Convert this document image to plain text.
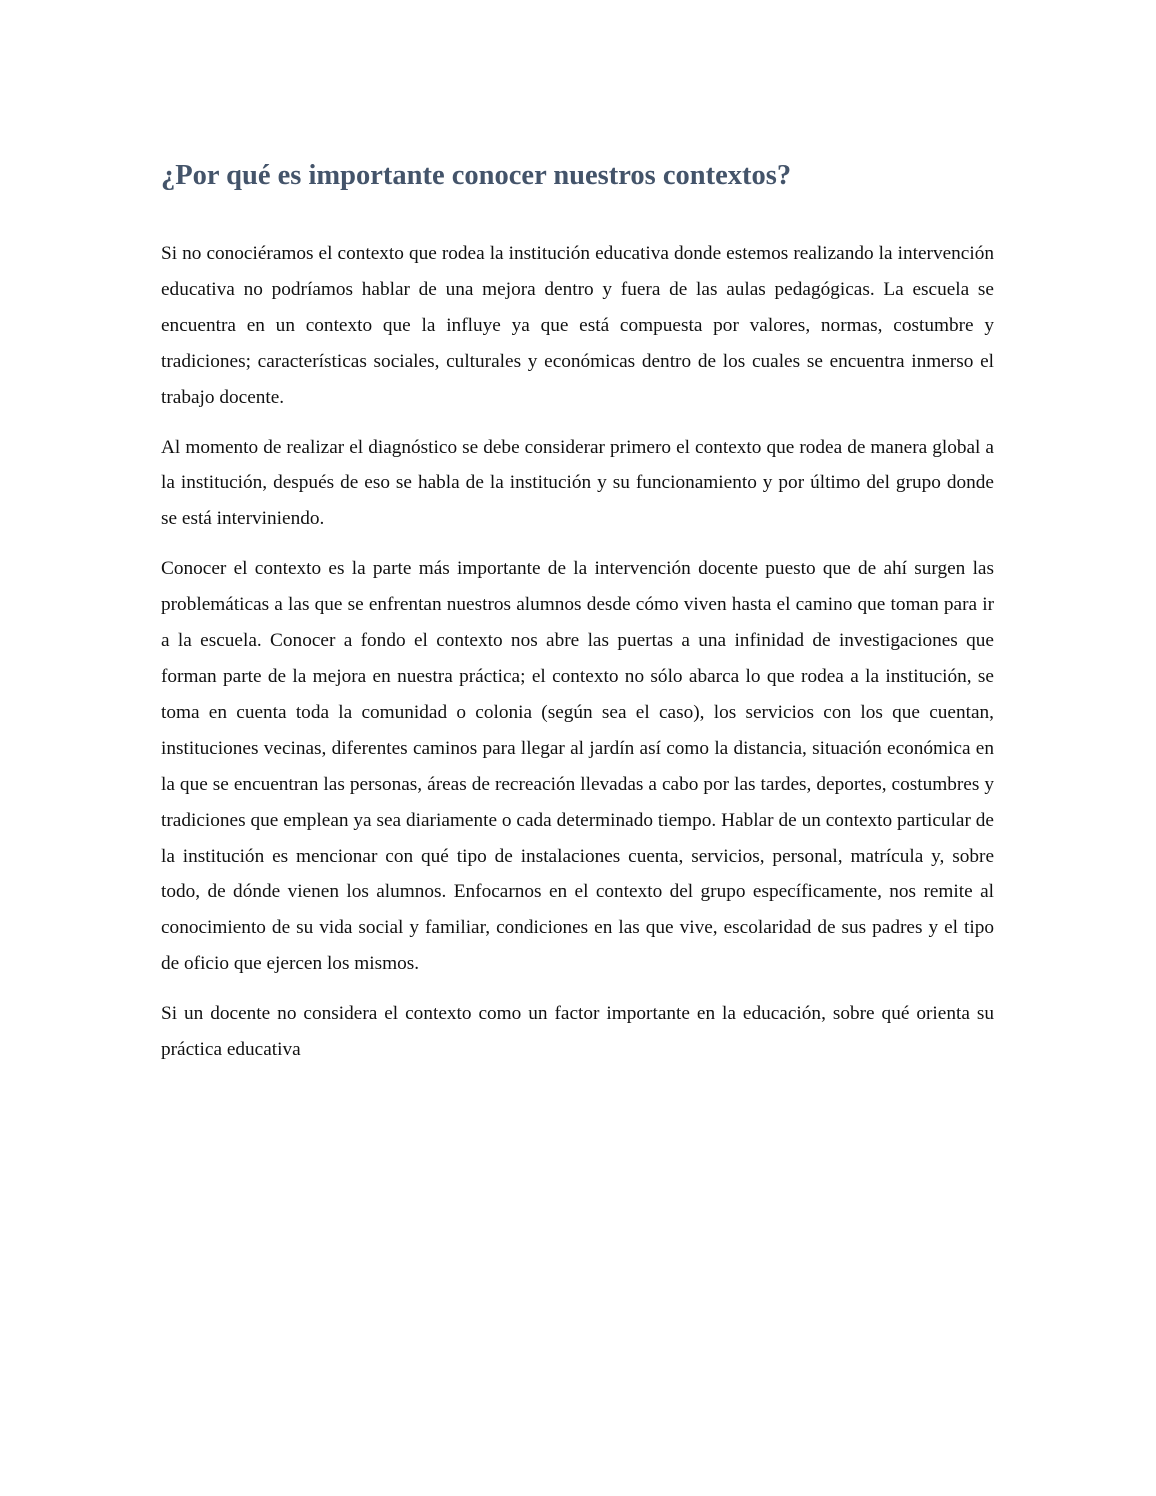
¿Por qué es importante conocer nuestros contextos?

Si no conociéramos el contexto que rodea la institución educativa donde estemos realizando la intervención educativa no podríamos hablar de una mejora dentro y fuera de las aulas pedagógicas. La escuela se encuentra en un contexto que la influye ya que está compuesta por valores, normas, costumbre y tradiciones; características sociales, culturales y económicas dentro de los cuales se encuentra inmerso el trabajo docente.

Al momento de realizar el diagnóstico se debe considerar primero el contexto que rodea de manera global a la institución, después de eso se habla de la institución y su funcionamiento y por último del grupo donde se está interviniendo.

Conocer el contexto es la parte más importante de la intervención docente puesto que de ahí surgen las problemáticas a las que se enfrentan nuestros alumnos desde cómo viven hasta el camino que toman para ir a la escuela. Conocer a fondo el contexto nos abre las puertas a una infinidad de investigaciones que forman parte de la mejora en nuestra práctica; el contexto no sólo abarca lo que rodea a la institución, se toma en cuenta toda la comunidad o colonia (según sea el caso), los servicios con los que cuentan, instituciones vecinas, diferentes caminos para llegar al jardín así como la distancia, situación económica en la que se encuentran las personas, áreas de recreación llevadas a cabo por las tardes, deportes, costumbres y tradiciones que emplean ya sea diariamente o cada determinado tiempo. Hablar de un contexto particular de la institución es mencionar con qué tipo de instalaciones cuenta, servicios, personal, matrícula y, sobre todo, de dónde vienen los alumnos. Enfocarnos en el contexto del grupo específicamente, nos remite al conocimiento de su vida social y familiar, condiciones en las que vive, escolaridad de sus padres y el tipo de oficio que ejercen los mismos.

Si un docente no considera el contexto como un factor importante en la educación, sobre qué orienta su práctica educativa
